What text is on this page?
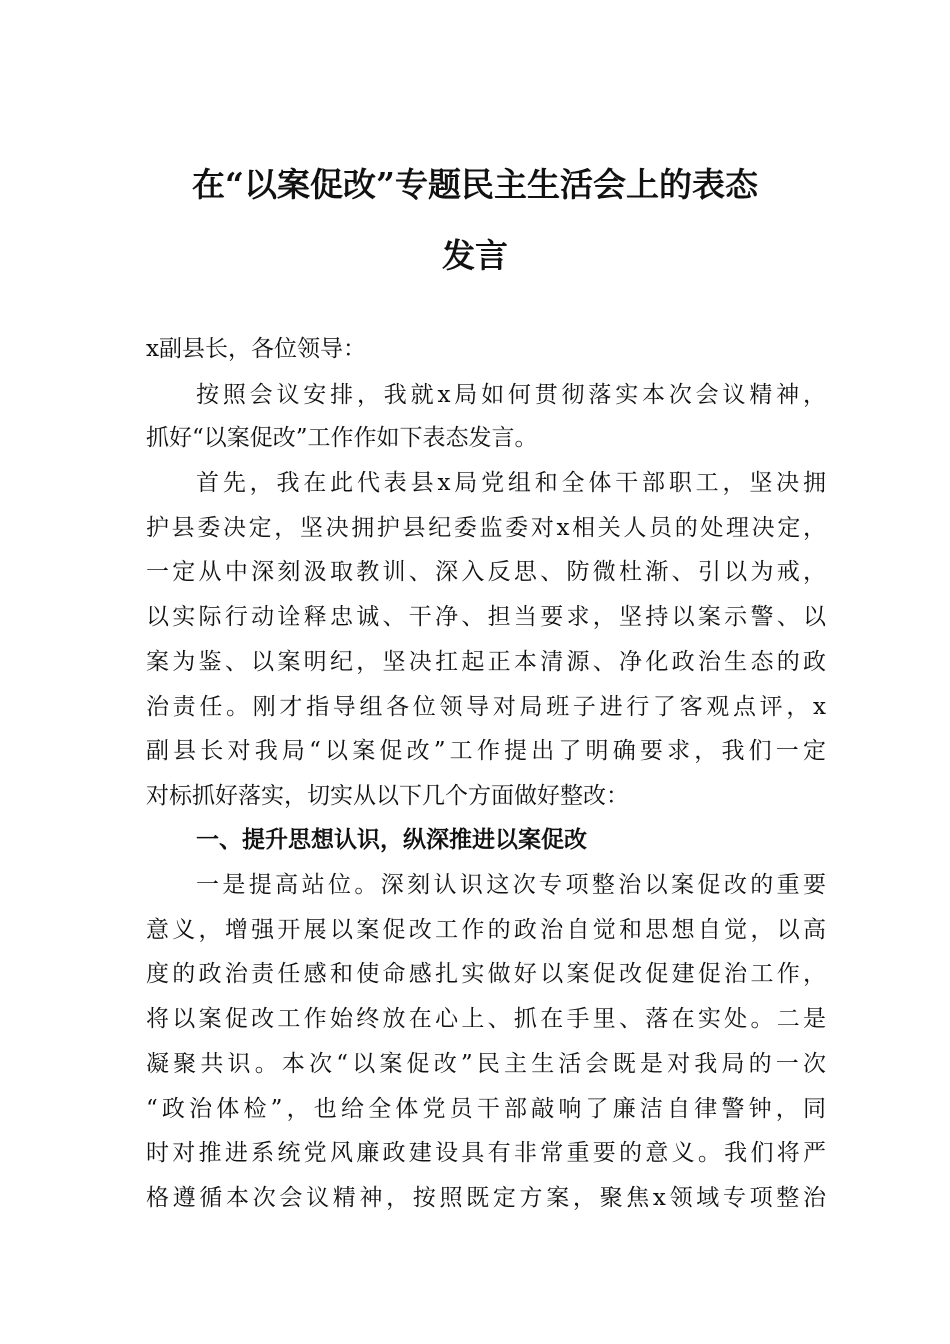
在“以案促改”专题民主生活会上的表态
发言
x副县长，各位领导：
按照会议安排，我就x局如何贯彻落实本次会议精神，
抓好“以案促改”工作作如下表态发言。
首先，我在此代表县x局党组和全体干部职工，坚决拥
护县委决定，坚决拥护县纪委监委对x相关人员的处理决定，
一定从中深刻汲取教训、深入反思、防微杜渐、引以为戒，
以实际行动诠释忠诚、干净、担当要求，坚持以案示警、以
案为鉴、以案明纪，坚决扛起正本清源、净化政治生态的政
治责任。刚才指导组各位领导对局班子进行了客观点评，x
副县长对我局“以案促改”工作提出了明确要求，我们一定
对标抓好落实，切实从以下几个方面做好整改：
一、提升思想认识，纵深推进以案促改
一是提高站位。深刻认识这次专项整治以案促改的重要
意义，增强开展以案促改工作的政治自觉和思想自觉，以高
度的政治责任感和使命感扎实做好以案促改促建促治工作，
将以案促改工作始终放在心上、抓在手里、落在实处。二是
凝聚共识。本次“以案促改”民主生活会既是对我局的一次
“政治体检”，也给全体党员干部敲响了廉洁自律警钟，同
时对推进系统党风廉政建设具有非常重要的意义。我们将严
格遵循本次会议精神，按照既定方案，聚焦x领域专项整治
